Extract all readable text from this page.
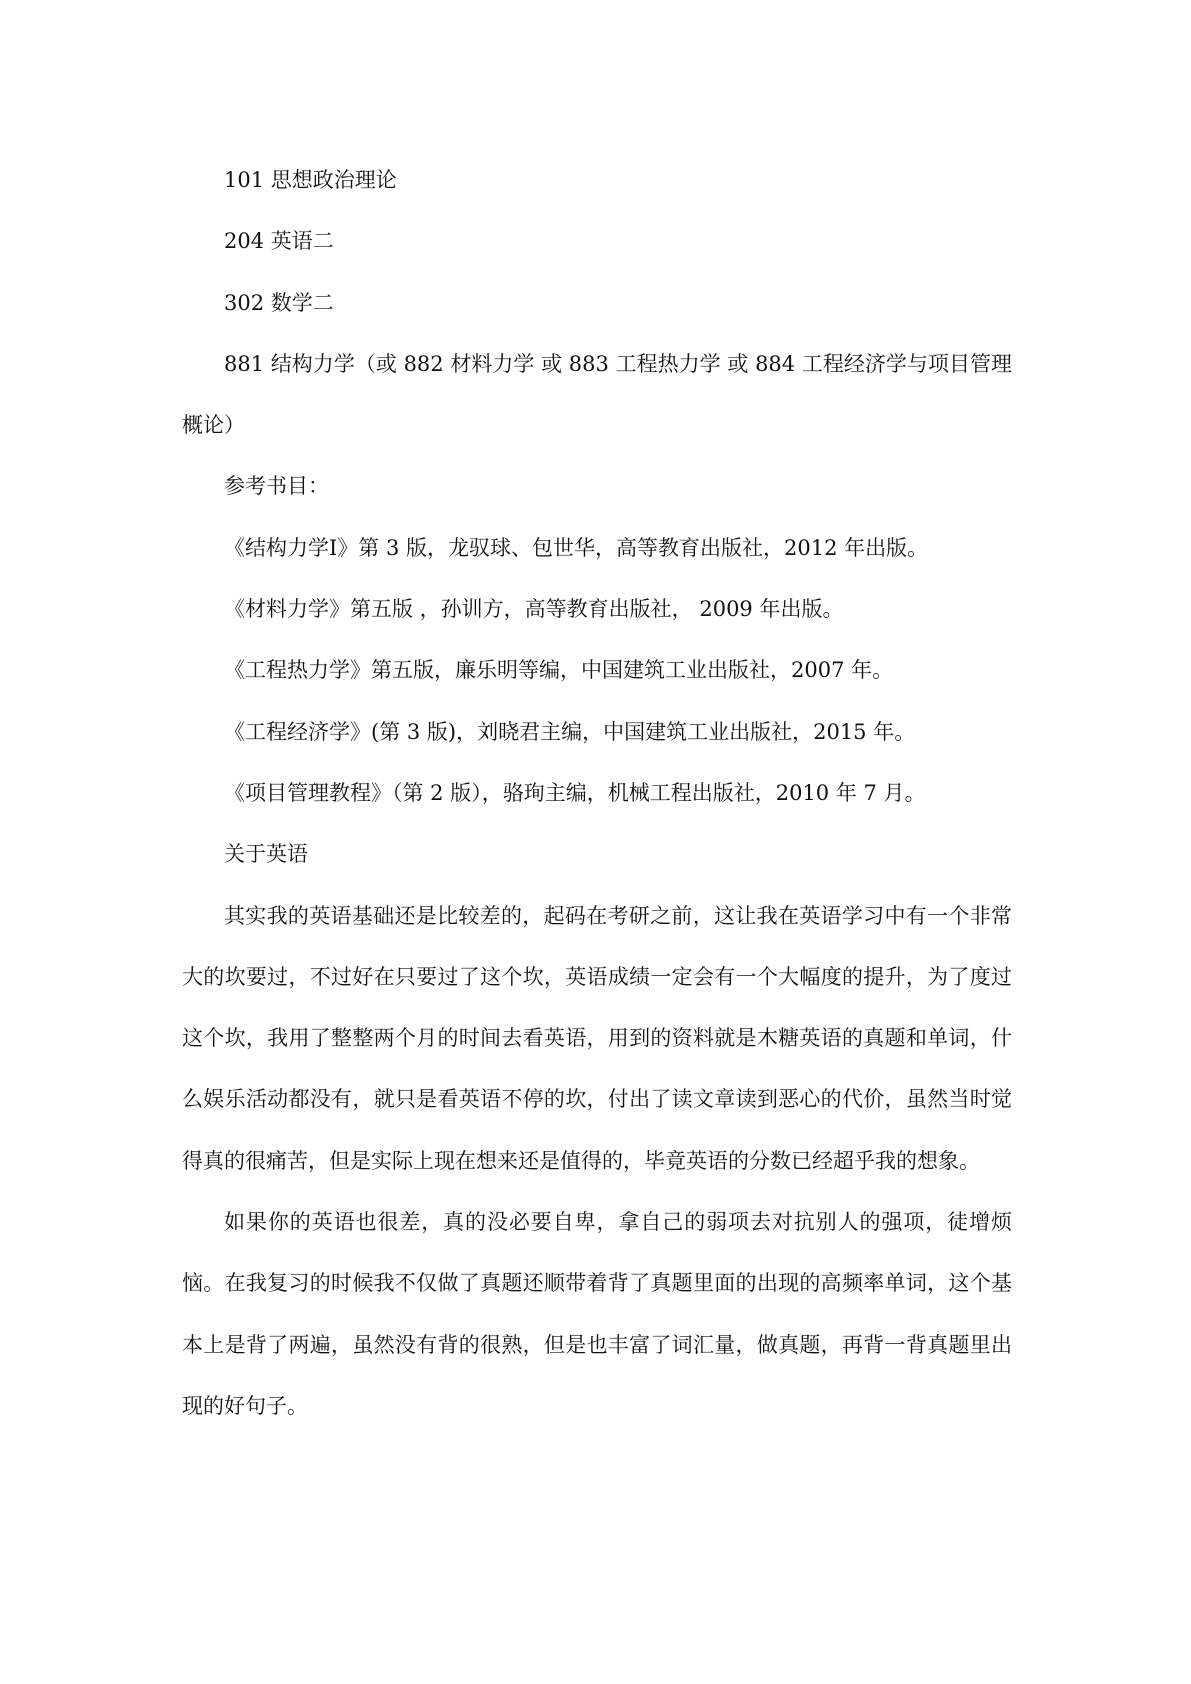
101 思想政治理论

204 英语二

302 数学二

881 结构力学（或 882 材料力学 或 883 工程热力学 或 884 工程经济学与项目管理概论）

参考书目：

《结构力学Ⅰ》第 3 版，龙驭球、包世华，高等教育出版社，2012 年出版。

《材料力学》第五版 ，孙训方，高等教育出版社， 2009 年出版。

《工程热力学》第五版，廉乐明等编，中国建筑工业出版社，2007 年。

《工程经济学》(第 3 版)，刘晓君主编，中国建筑工业出版社，2015 年。

《项目管理教程》（第 2 版），骆珣主编，机械工程出版社，2010 年 7 月。

关于英语

其实我的英语基础还是比较差的，起码在考研之前，这让我在英语学习中有一个非常大的坎要过，不过好在只要过了这个坎，英语成绩一定会有一个大幅度的提升，为了度过这个坎，我用了整整两个月的时间去看英语，用到的资料就是木糖英语的真题和单词，什么娱乐活动都没有，就只是看英语不停的坎，付出了读文章读到恶心的代价，虽然当时觉得真的很痛苦，但是实际上现在想来还是值得的，毕竟英语的分数已经超乎我的想象。

如果你的英语也很差，真的没必要自卑，拿自己的弱项去对抗别人的强项，徒增烦恼。在我复习的时候我不仅做了真题还顺带着背了真题里面的出现的高频率单词，这个基本上是背了两遍，虽然没有背的很熟，但是也丰富了词汇量，做真题，再背一背真题里出现的好句子。
